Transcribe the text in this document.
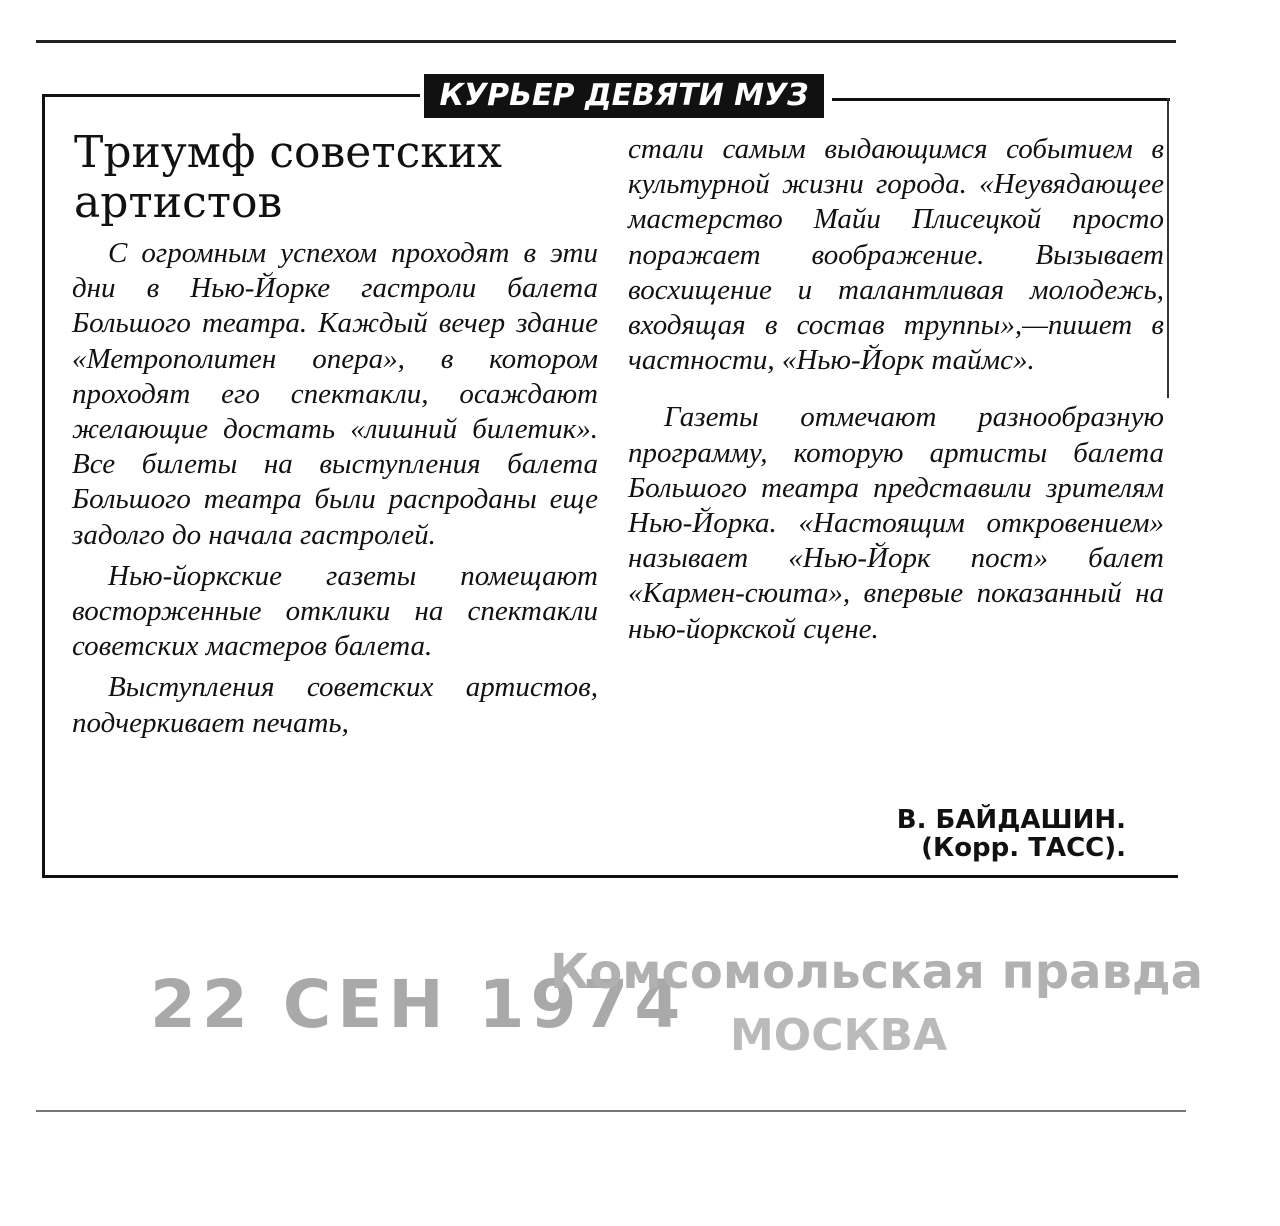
КУРЬЕР ДЕВЯТИ МУЗ
Триумф советских
артистов

С огромным успехом проходят в эти дни в Нью-Йорке гастроли балета Большого театра. Каждый вечер здание «Метрополитен опера», в котором проходят его спектакли, осаждают желающие достать «лишний билетик». Все билеты на выступления балета Большого театра были распроданы еще задолго до начала гастролей.

Нью-йоркские газеты помещают восторженные отклики на спектакли советских мастеров балета.

Выступления советских артистов, подчеркивает печать,

стали самым выдающимся событием в культурной жизни города. «Неувядающее мастерство Майи Плисецкой просто поражает воображение. Вызывает восхищение и талантливая молодежь, входящая в состав труппы»,—пишет в частности, «Нью-Йорк таймс».

Газеты отмечают разнообразную программу, которую артисты балета Большого театра представили зрителям Нью-Йорка. «Настоящим откровением» называет «Нью-Йорк пост» балет «Кармен-сюита», впервые показанный на нью-йоркской сцене.

В. БАЙДАШИН.
(Корр. ТАСС).
22 СЕН 1974
Комсомольская правда
МОСКВА
